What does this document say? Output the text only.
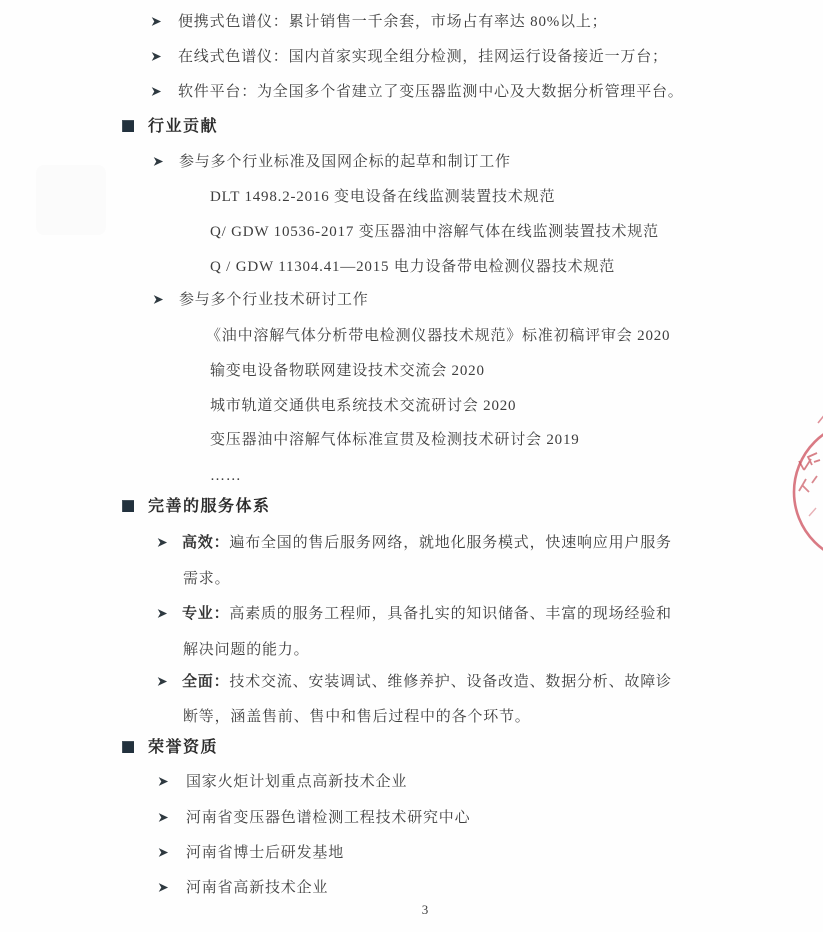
便携式色谱仪：累计销售一千余套，市场占有率达 80%以上；
在线式色谱仪：国内首家实现全组分检测，挂网运行设备接近一万台；
软件平台：为全国多个省建立了变压器监测中心及大数据分析管理平台。
行业贡献
参与多个行业标准及国网企标的起草和制订工作
DLT 1498.2-2016 变电设备在线监测装置技术规范
Q/ GDW 10536-2017 变压器油中溶解气体在线监测装置技术规范
Q / GDW 11304.41—2015 电力设备带电检测仪器技术规范
参与多个行业技术研讨工作
《油中溶解气体分析带电检测仪器技术规范》标准初稿评审会 2020
输变电设备物联网建设技术交流会 2020
城市轨道交通供电系统技术交流研讨会 2020
变压器油中溶解气体标准宣贯及检测技术研讨会 2019
……
完善的服务体系
高效：遍布全国的售后服务网络，就地化服务模式，快速响应用户服务
需求。
专业：高素质的服务工程师，具备扎实的知识储备、丰富的现场经验和
解决问题的能力。
全面：技术交流、安装调试、维修养护、设备改造、数据分析、故障诊
断等，涵盖售前、售中和售后过程中的各个环节。
荣誉资质
国家火炬计划重点高新技术企业
河南省变压器色谱检测工程技术研究中心
河南省博士后研发基地
河南省高新技术企业
3
